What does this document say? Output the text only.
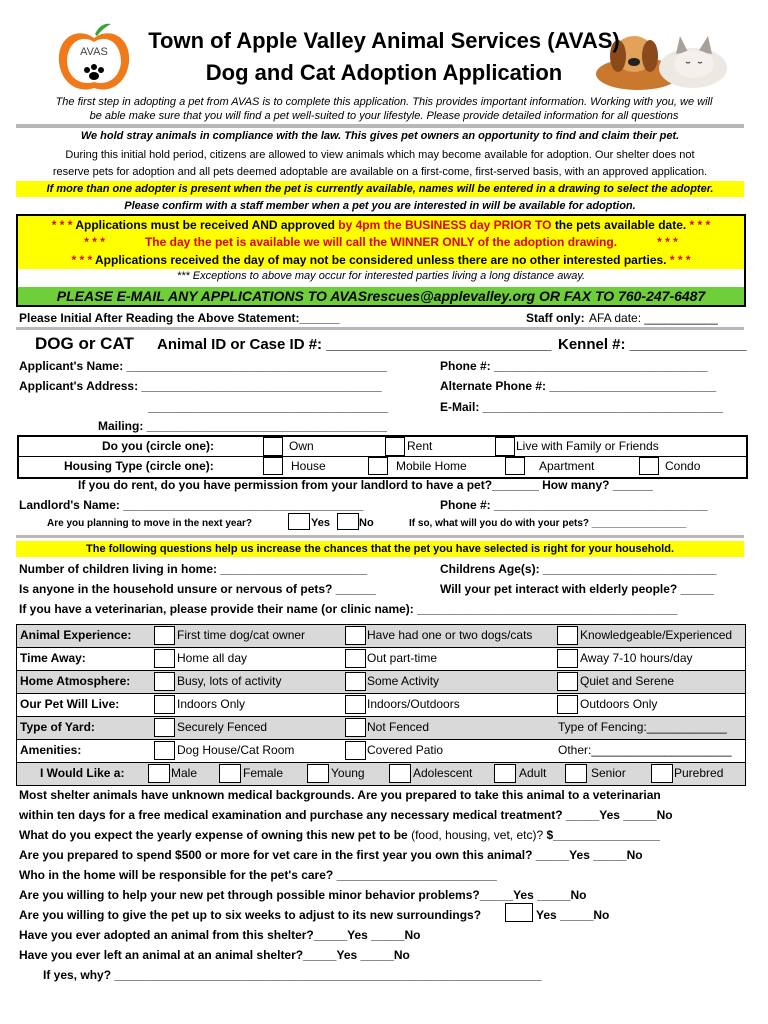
AVAS	Town of Apple Valley Animal Services (AVAS)
Dog and Cat Adoption Application
The first step in adopting a pet from AVAS is to complete this application. This provides important information. Working with you, we will
be able make sure that you will find a pet well-suited to your lifestyle. Please provide detailed information for all questions
We hold stray animals in compliance with the law. This gives pet owners an opportunity to find and claim their pet.
During this initial hold period, citizens are allowed to view animals which may become available for adoption. Our shelter does not
reserve pets for adoption and all pets deemed adoptable are available on a first-come, first-served basis, with an approved application.
If more than one adopter is present when the pet is currently available, names will be entered in a drawing to select the adopter.
Please confirm with a staff member when a pet you are interested in will be available for adoption.
* * * Applications must be received AND approved by 4pm the BUSINESS day PRIOR TO the pets available date. * * *
* * *	The day the pet is available we will call the WINNER ONLY of the adoption drawing.	* * *
* * * Applications received the day of may not be considered unless there are no other interested parties. * * *
*** Exceptions to above may occur for interested parties living a long distance away.
PLEASE E-MAIL ANY APPLICATIONS TO AVASrescues@applevalley.org OR FAX TO 760-247-6487
Please Initial After Reading the Above Statement:______	Staff only: AFA date: ___________
DOG or CAT Animal ID or Case ID #: ___________________________ Kennel #: ______________
Applicant's Name: _______________________________________
Applicant's Address: ____________________________________
____________________________________
Mailing: ____________________________________
Phone #: ________________________________
Alternate Phone #: _________________________
E-Mail: ____________________________________
Do you (circle one):	Own	Rent	Live with Family or Friends
Housing Type (circle one):	House	Mobile Home	Apartment	Condo
If you do rent, do you have permission from your landlord to have a pet?_______ How many? ______
Landlord's Name: ____________________________________	Phone #: ________________________________
Are you planning to move in the next year?	Yes	No	If so, what will you do with your pets? _________________
The following questions help us increase the chances that the pet you have selected is right for your household.
Number of children living in home: ______________________	Childrens Age(s): __________________________
Is anyone in the household unsure or nervous of pets? ______	Will your pet interact with elderly people? _____
If you have a veterinarian, please provide their name (or clinic name): _______________________________________
Animal Experience:	First time dog/cat owner	Have had one or two dogs/cats	Knowledgeable/Experienced
Time Away:	Home all day	Out part-time	Away 7-10 hours/day
Home Atmosphere:	Busy, lots of activity	Some Activity	Quiet and Serene
Our Pet Will Live:	Indoors Only	Indoors/Outdoors	Outdoors Only
Type of Yard:	Securely Fenced	Not Fenced	Type of Fencing:____________
Amenities:	Dog House/Cat Room	Covered Patio	Other:_____________________
I Would Like a:	Male	Female	Young	Adolescent	Adult	Senior	Purebred
Most shelter animals have unknown medical backgrounds. Are you prepared to take this animal to a veterinarian
within ten days for a free medical examination and purchase any necessary medical treatment? _____Yes _____No
What do you expect the yearly expense of owning this new pet to be (food, housing, vet, etc)? $________________
Are you prepared to spend $500 or more for vet care in the first year you own this animal? _____Yes _____No
Who in the home will be responsible for the pet's care? ________________________
Are you willing to help your new pet through possible minor behavior problems?_____Yes _____No
Are you willing to give the pet up to six weeks to adjust to its new surroundings?	Yes _____No
Have you ever adopted an animal from this shelter?_____Yes _____No
Have you ever left an animal at an animal shelter?_____Yes _____No
If yes, why? ________________________________________________________________
